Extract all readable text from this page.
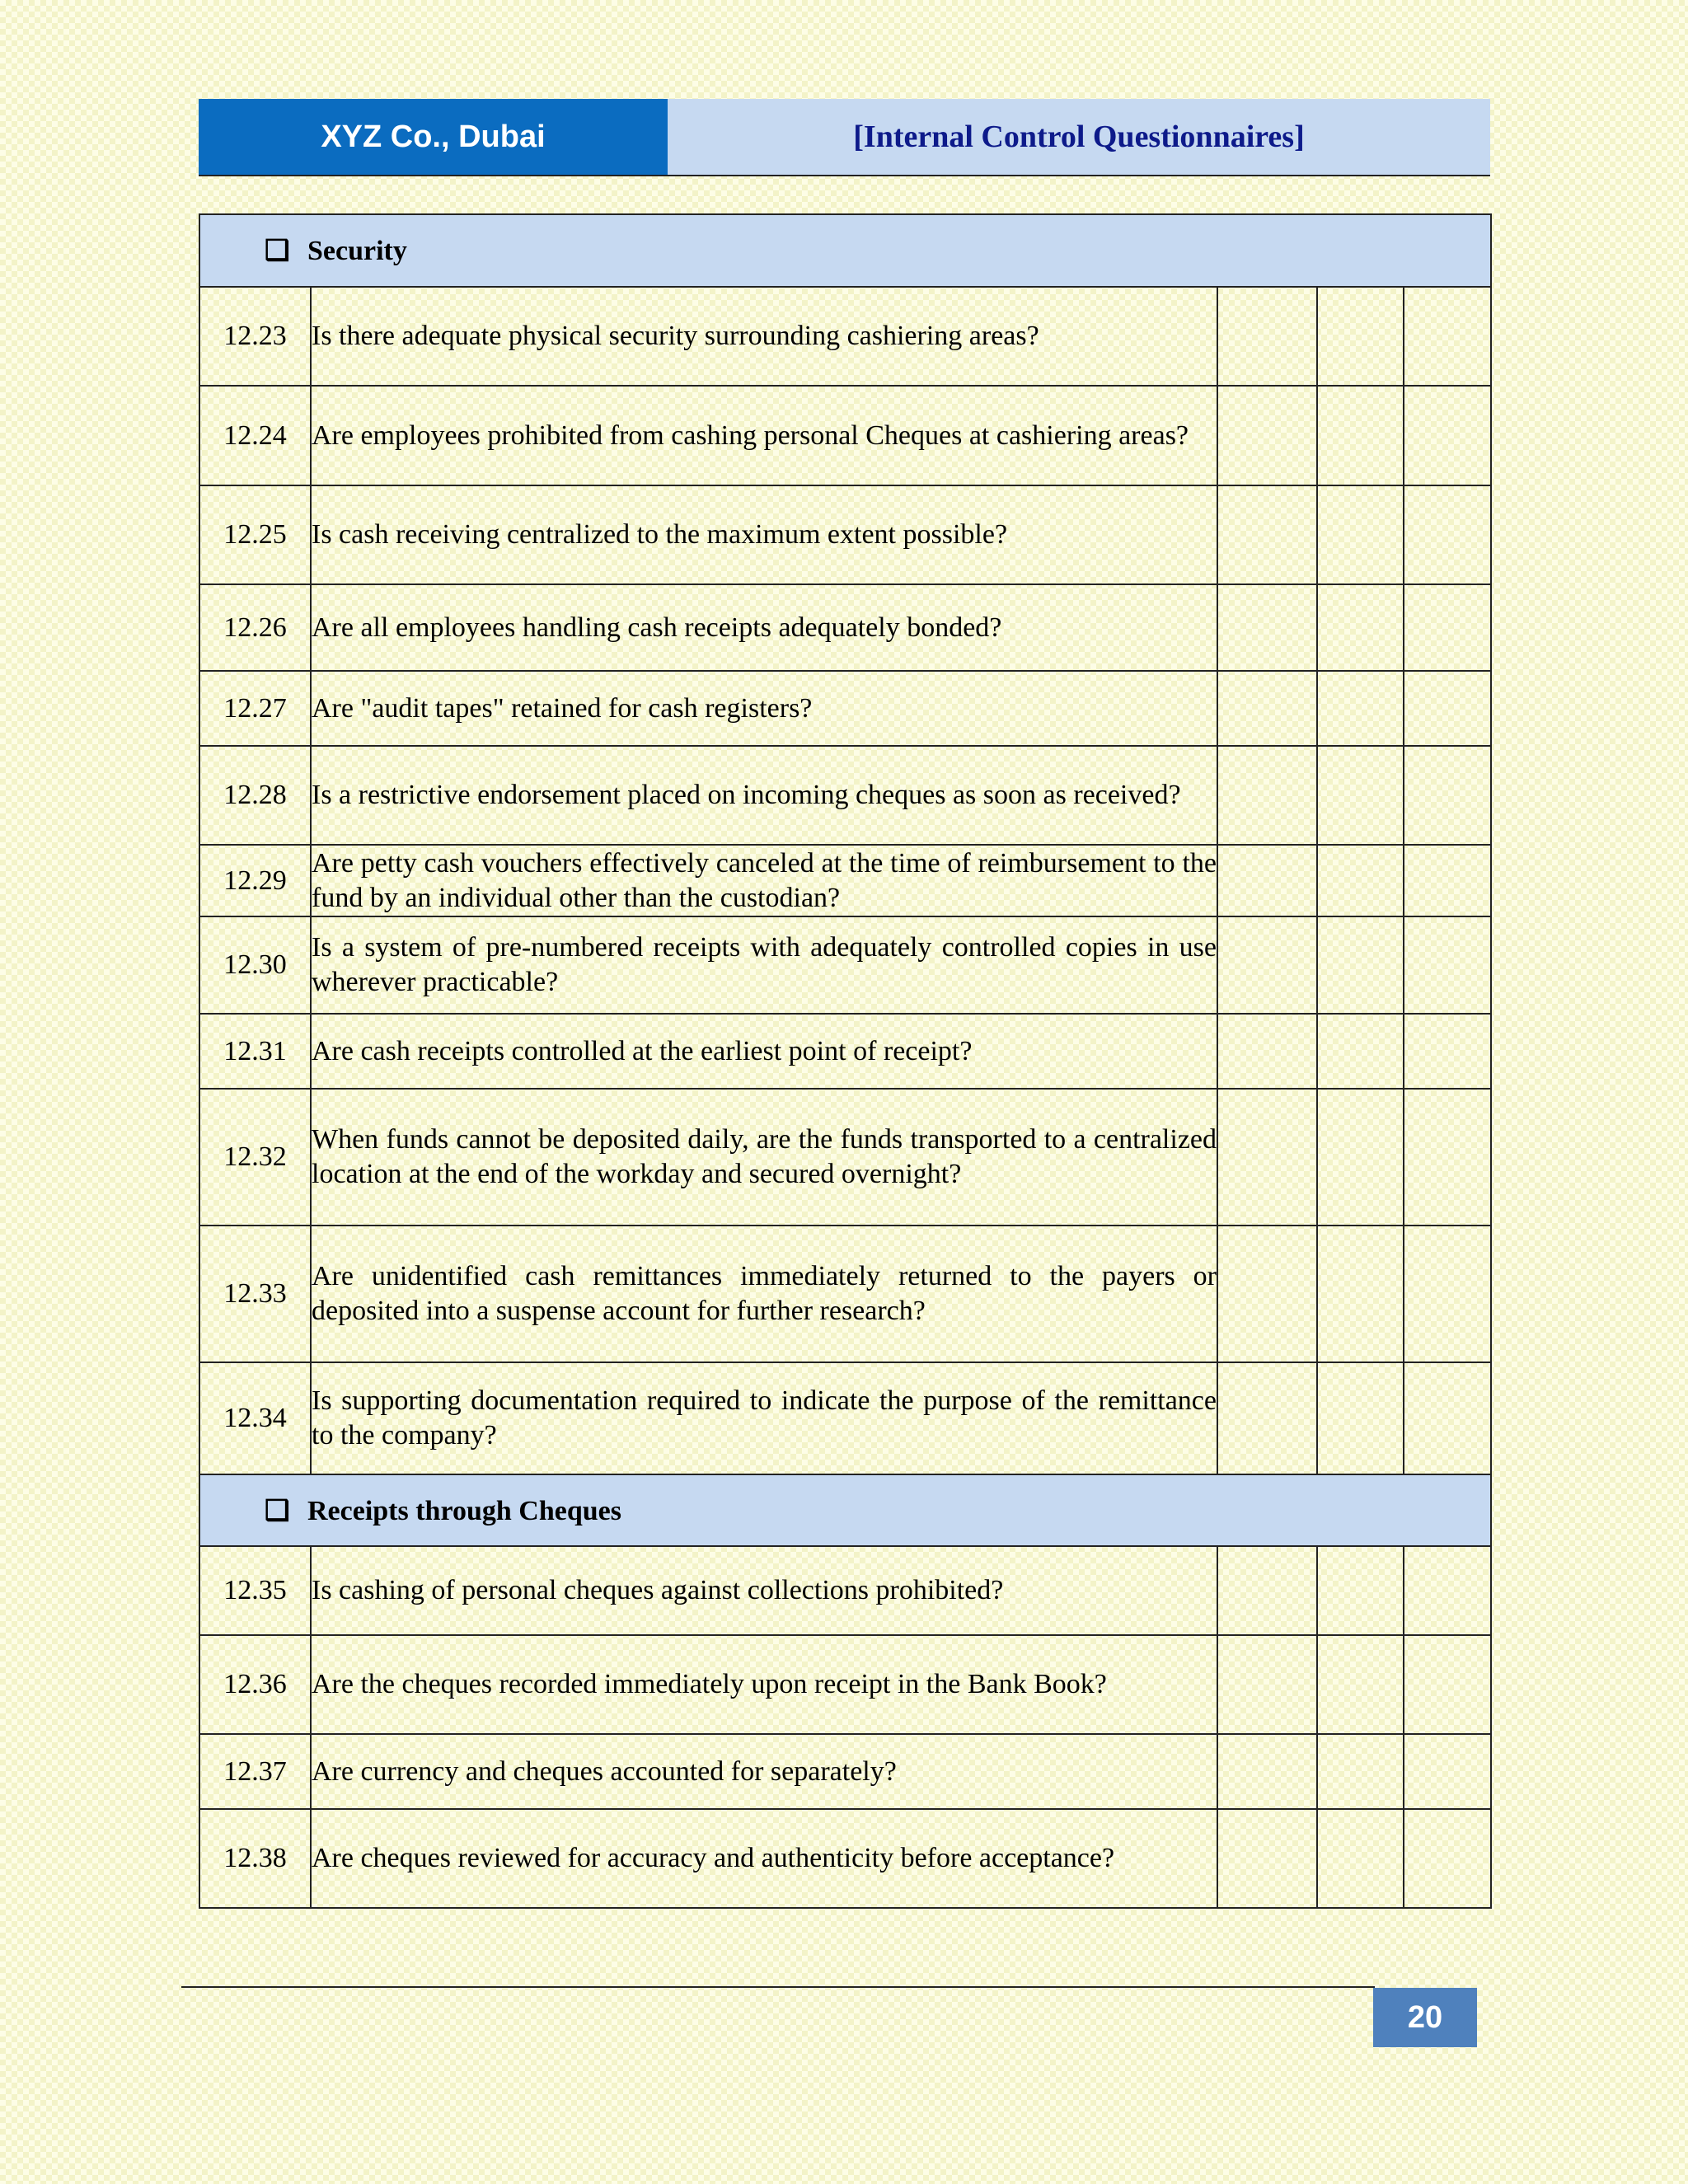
XYZ Co., Dubai	[Internal Control Questionnaires]
❑ Security				
12.23	Is there adequate physical security surrounding cashiering areas?			
12.24	Are employees prohibited from cashing personal Cheques at cashiering areas?			
12.25	Is cash receiving centralized to the maximum extent possible?			
12.26	Are all employees handling cash receipts adequately bonded?			
12.27	Are "audit tapes" retained for cash registers?			
12.28	Is a restrictive endorsement placed on incoming cheques as soon as received?			
12.29	Are petty cash vouchers effectively canceled at the time of reimbursement to the fund by an individual other than the custodian?			
12.30	Is a system of pre-numbered receipts with adequately controlled copies in use wherever practicable?			
12.31	Are cash receipts controlled at the earliest point of receipt?			
12.32	When funds cannot be deposited daily, are the funds transported to a centralized location at the end of the workday and secured overnight?			
12.33	Are unidentified cash remittances immediately returned to the payers or deposited into a suspense account for further research?			
12.34	Is supporting documentation required to indicate the purpose of the remittance to the company?			
❑ Receipts through Cheques				
12.35	Is cashing of personal cheques against collections prohibited?			
12.36	Are the cheques recorded immediately upon receipt in the Bank Book?			
12.37	Are currency and cheques accounted for separately?			
12.38	Are cheques reviewed for accuracy and authenticity before acceptance?			
20
